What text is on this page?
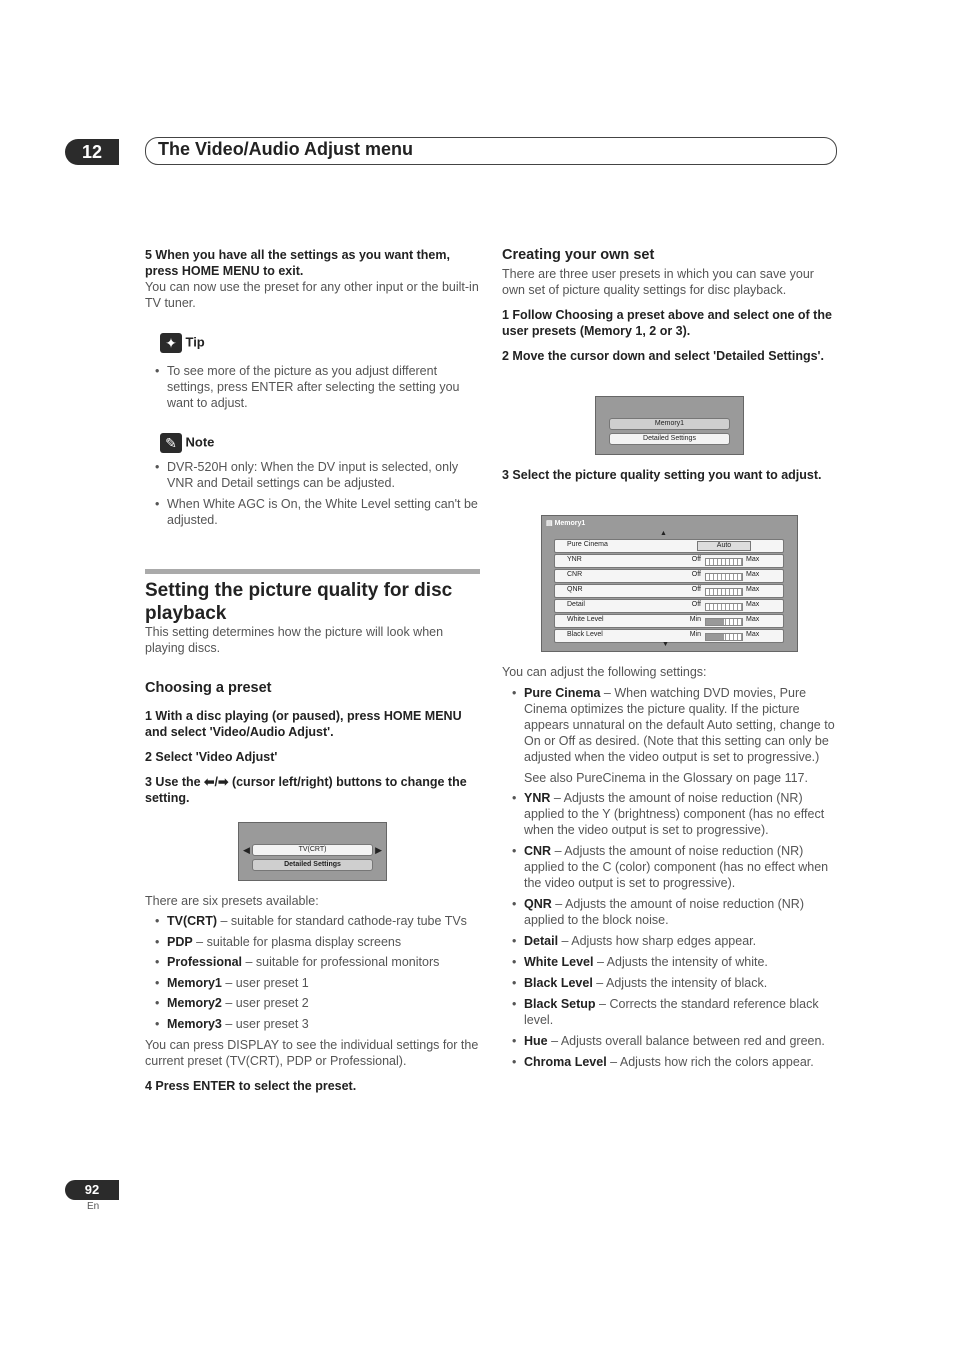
12	The Video/Audio Adjust menu

5 When you have all the settings as you want them, press HOME MENU to exit.

You can now use the preset for any other input or the built-in TV tuner.

✦ Tip
• To see more of the picture as you adjust different settings, press ENTER after selecting the setting you want to adjust.
✎ Note
• DVR-520H only: When the DV input is selected, only VNR and Detail settings can be adjusted.
• When White AGC is On, the White Level setting can't be adjusted.
Setting the picture quality for disc playback

This setting determines how the picture will look when playing discs.

Choosing a preset

1 With a disc playing (or paused), press HOME MENU and select 'Video/Audio Adjust'.

2 Select 'Video Adjust'

3 Use the ⬅/➡ (cursor left/right) buttons to change the setting.

◀	▶
TV(CRT)
Detailed Settings

There are six presets available:

• TV(CRT) – suitable for standard cathode-ray tube TVs
• PDP – suitable for plasma display screens
• Professional – suitable for professional monitors
• Memory1 – user preset 1
• Memory2 – user preset 2
• Memory3 – user preset 3

You can press DISPLAY to see the individual settings for the current preset (TV(CRT), PDP or Professional).

4 Press ENTER to select the preset.

Creating your own set

There are three user presets in which you can save your own set of picture quality settings for disc playback.

1 Follow Choosing a preset above and select one of the user presets (Memory 1, 2 or 3).

2 Move the cursor down and select 'Detailed Settings'.

Memory1
Detailed Settings

3 Select the picture quality setting you want to adjust.

▤ Memory1
▲
Pure Cinema	Auto
YNR	Off	Max
CNR	Off	Max
QNR	Off	Max
Detail	Off	Max
White Level	Min	Max
Black Level	Min	Max
▼

You can adjust the following settings:

• Pure Cinema – When watching DVD movies, Pure Cinema optimizes the picture quality. If the picture appears unnatural on the default Auto setting, change to On or Off as desired. (Note that this setting can only be adjusted when the video output is set to progressive.)
See also PureCinema in the Glossary on page 117.
• YNR – Adjusts the amount of noise reduction (NR) applied to the Y (brightness) component (has no effect when the video output is set to progressive).
• CNR – Adjusts the amount of noise reduction (NR) applied to the C (color) component (has no effect when the video output is set to progressive).
• QNR – Adjusts the amount of noise reduction (NR) applied to the block noise.
• Detail – Adjusts how sharp edges appear.
• White Level – Adjusts the intensity of white.
• Black Level – Adjusts the intensity of black.
• Black Setup – Corrects the standard reference black level.
• Hue – Adjusts overall balance between red and green.
• Chroma Level – Adjusts how rich the colors appear.
92
En
